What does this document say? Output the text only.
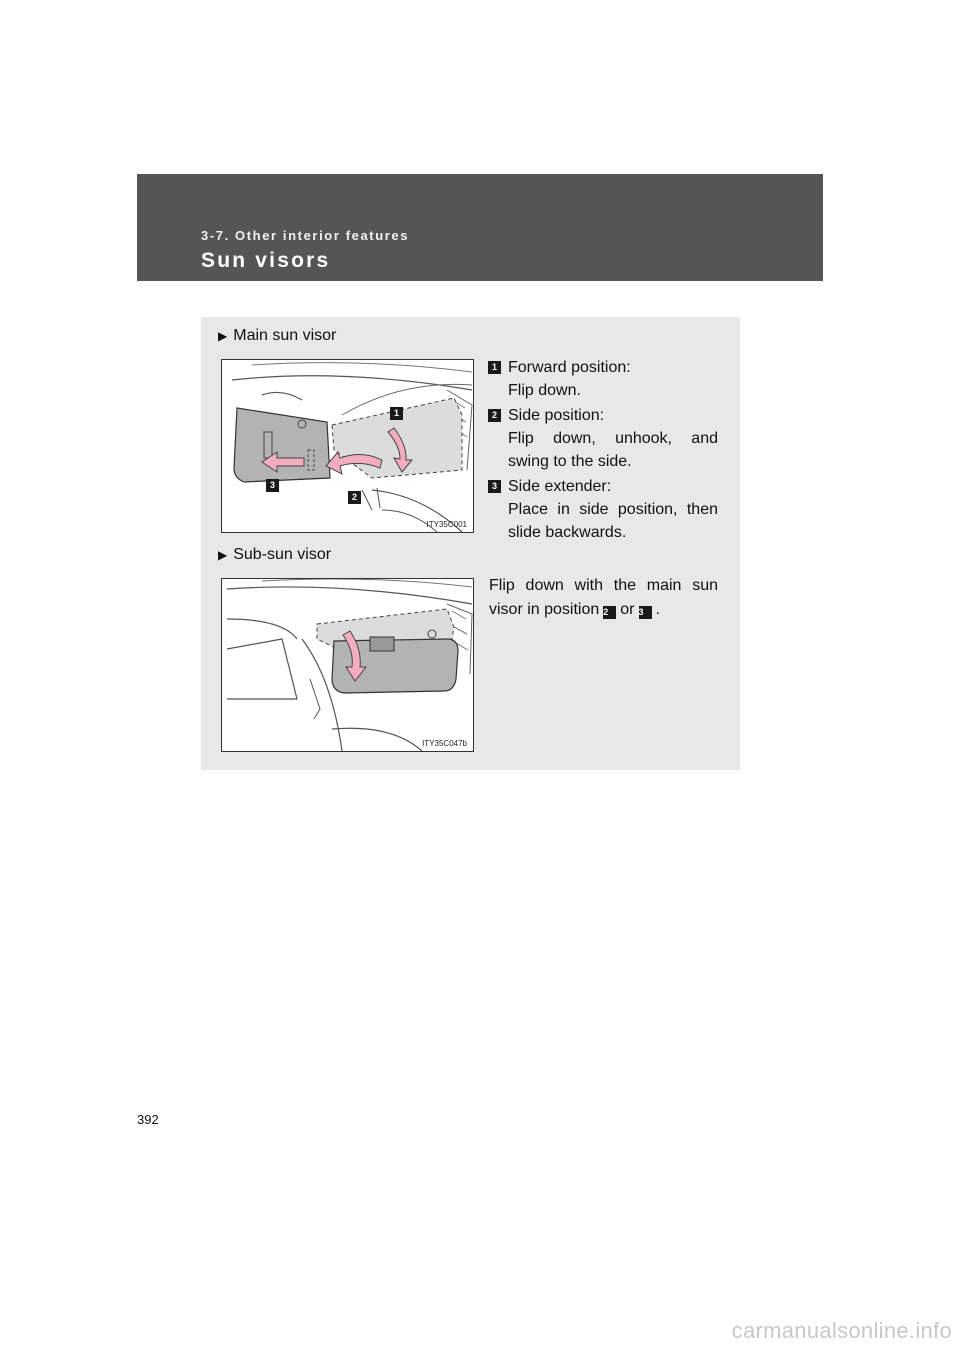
3-7. Other interior features
Sun visors
▶ Main sun visor
1
2
3
ITY35C001
1 Forward position:
Flip down.
2 Side position:
Flip down, unhook, and swing to the side.
3 Side extender:
Place in side position, then slide backwards.
▶ Sub-sun visor
ITY35C047b
Flip down with the main sun visor in position 2 or 3 .
392
carmanualsonline.info
